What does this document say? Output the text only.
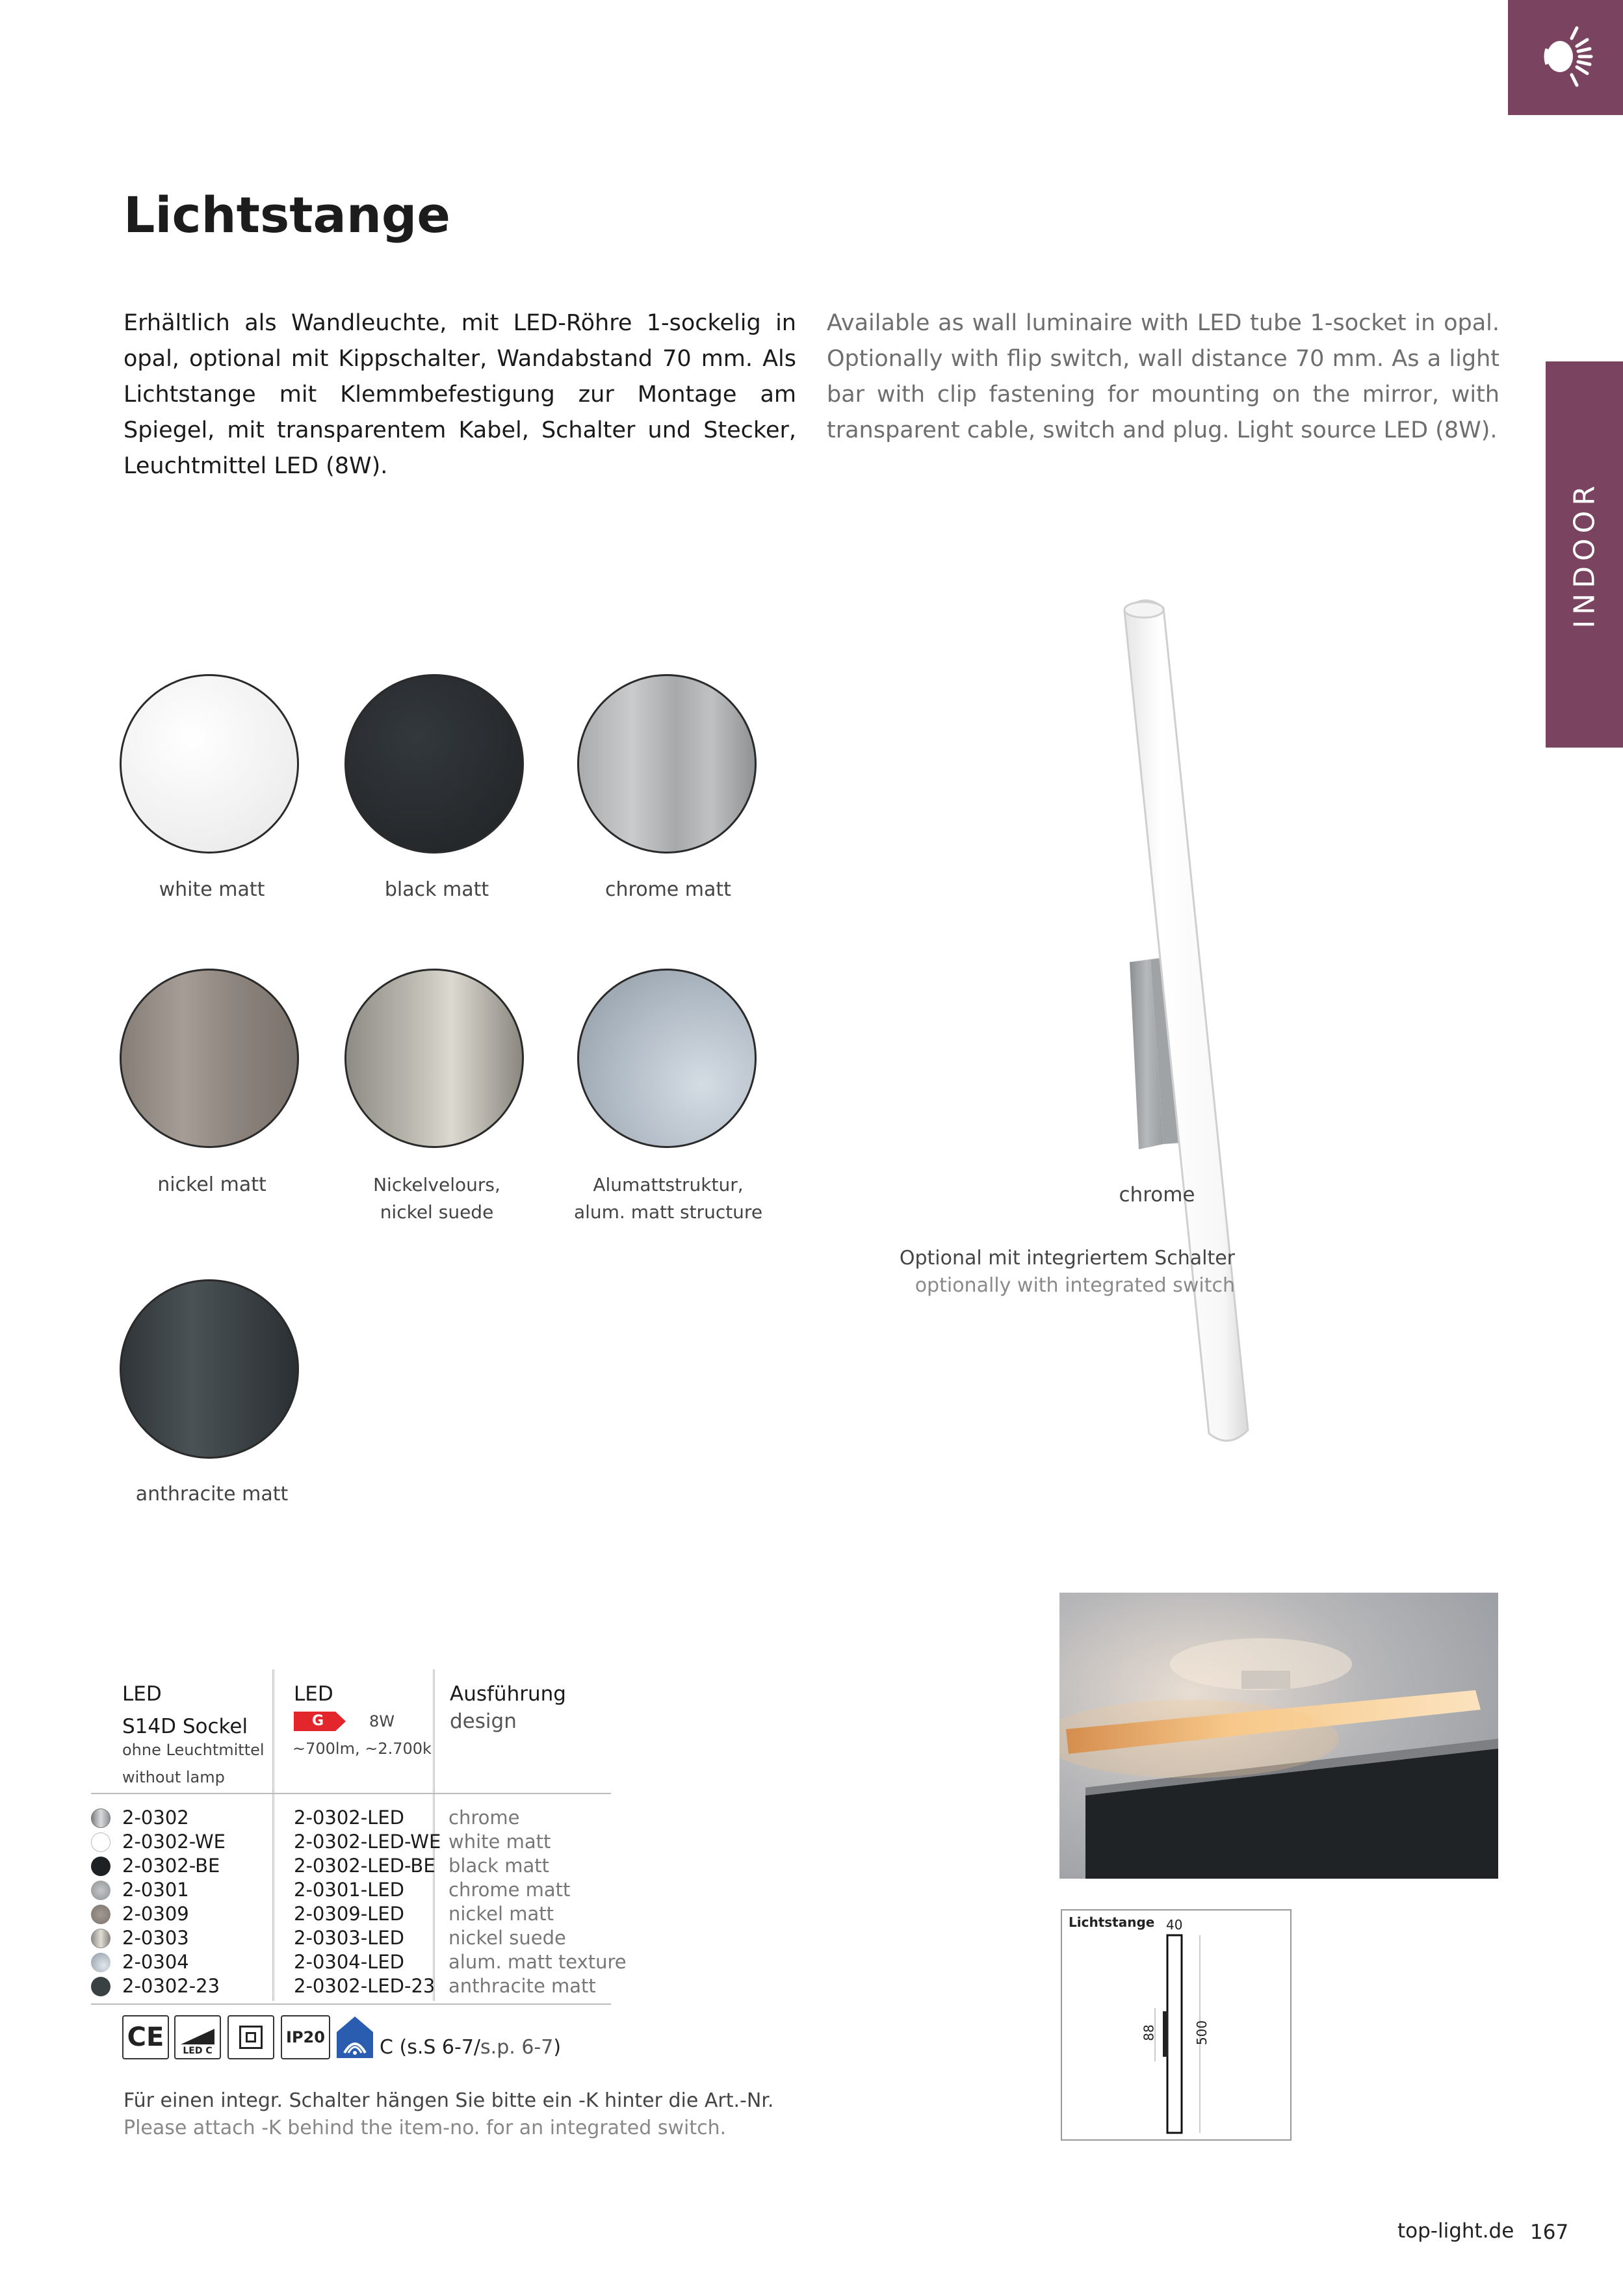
INDOOR
Lichtstange
Erhältlich als Wandleuchte, mit LED-Röhre 1-sockelig in opal, optional mit Kippschalter, Wandabstand 70 mm. Als Lichtstange mit Klemmbefestigung zur Montage am Spiegel, mit transparentem Kabel, Schalter und Stecker, Leuchtmittel LED (8W).
Available as wall luminaire with LED tube 1-socket in opal. Optionally with flip switch, wall distance 70 mm. As a light bar with clip fastening for mounting on the mirror, with transparent cable, switch and plug. Light source LED (8W).
white matt	black matt	chrome matt
nickel matt	Nickelvelours,
nickel suede
Alumattstruktur,
alum. matt structure
anthracite matt
chrome
Optional mit integriertem Schalter
optionally with integrated switch
Lichtstange 40
88	500
LED
S14D Sockel
ohne Leuchtmittel
without lamp
LED
G	8W
~700lm, ~2.700k
Ausführung
design
2-0302	2-0302-LED chrome
2-0302-WE	2-0302-LED-WE white matt
2-0302-BE	2-0302-LED-BE black matt
2-0301	2-0301-LED chrome matt
2-0309	2-0309-LED nickel matt
2-0303	2-0303-LED nickel suede
2-0304	2-0304-LED alum. matt texture
2-0302-23	2-0302-LED-23 anthracite matt
CE	LED C
IP20	C (s.S 6-7/s.p. 6-7)
Für einen integr. Schalter hängen Sie bitte ein -K hinter die Art.-Nr.
Please attach -K behind the item-no. for an integrated switch.
top-light.de 167
